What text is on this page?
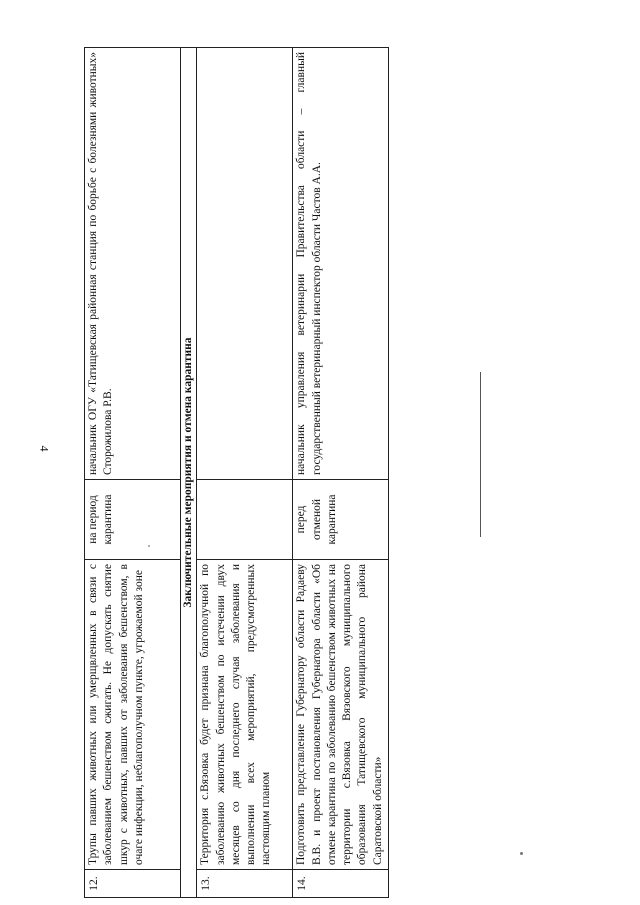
4
12.	Трупы павших животных или умерщвленных в связи с заболеванием бешенством сжигать. Не допускать снятие шкур с животных, павших от заболевания бешенством, в очаге инфекции, неблагополучном пункте, угрожаемой зоне	на период карантина	начальник ОГУ «Татищевская районная станция по борьбе с болезнями животных» Сторожилова Р.В.
Заключительные мероприятия и отмена карантина			
13.	Территория с.Вязовка будет признана благополучной по заболеванию животных бешенством по истечении двух месяцев со дня последнего случая заболевания и выполнении всех мероприятий, предусмотренных настоящим планом		
14.	Подготовить представление Губернатору области Радаеву В.В. и проект постановления Губернатора области «Об отмене карантина по заболеванию бешенством животных на территории с.Вязовка Вязовского муниципального образования Татищевского муниципального района Саратовской области»	перед отменой карантина	начальник управления ветеринарии Правительства области – главный государственный ветеринарный инспектор области Частов А.А.
